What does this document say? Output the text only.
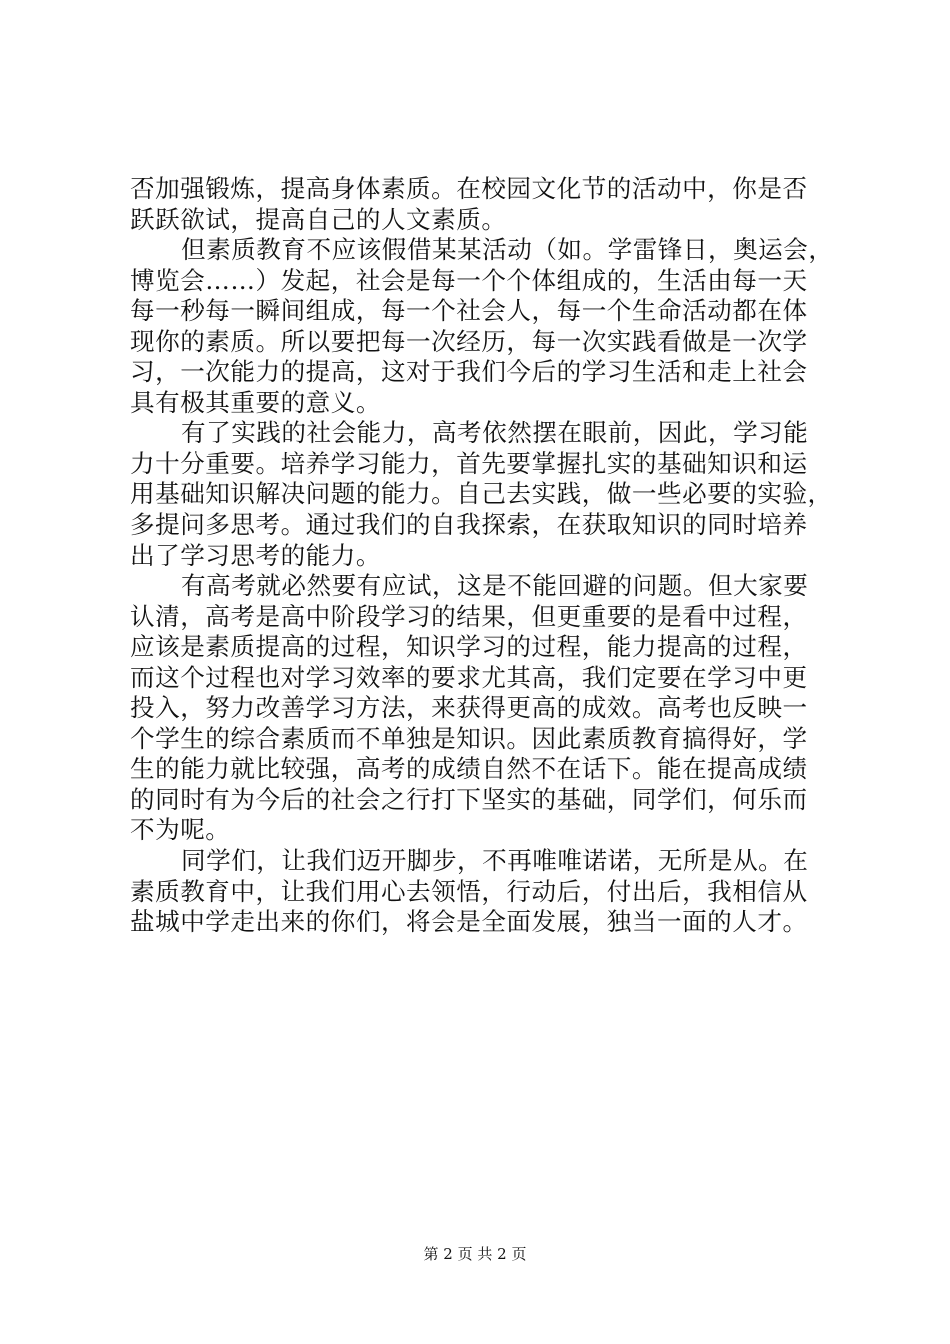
否加强锻炼，提高身体素质。在校园文化节的活动中，你是否
跃跃欲试，提高自己的人文素质。
但素质教育不应该假借某某活动（如。学雷锋日，奥运会，
博览会……）发起，社会是每一个个体组成的，生活由每一天
每一秒每一瞬间组成，每一个社会人，每一个生命活动都在体
现你的素质。所以要把每一次经历，每一次实践看做是一次学
习，一次能力的提高，这对于我们今后的学习生活和走上社会
具有极其重要的意义。
有了实践的社会能力，高考依然摆在眼前，因此，学习能
力十分重要。培养学习能力，首先要掌握扎实的基础知识和运
用基础知识解决问题的能力。自己去实践，做一些必要的实验，
多提问多思考。通过我们的自我探索，在获取知识的同时培养
出了学习思考的能力。
有高考就必然要有应试，这是不能回避的问题。但大家要
认清，高考是高中阶段学习的结果，但更重要的是看中过程，
应该是素质提高的过程，知识学习的过程，能力提高的过程，
而这个过程也对学习效率的要求尤其高，我们定要在学习中更
投入，努力改善学习方法，来获得更高的成效。高考也反映一
个学生的综合素质而不单独是知识。因此素质教育搞得好，学
生的能力就比较强，高考的成绩自然不在话下。能在提高成绩
的同时有为今后的社会之行打下坚实的基础，同学们，何乐而
不为呢。
同学们，让我们迈开脚步，不再唯唯诺诺，无所是从。在
素质教育中，让我们用心去领悟，行动后，付出后，我相信从
盐城中学走出来的你们，将会是全面发展，独当一面的人才。
第 2 页 共 2 页
